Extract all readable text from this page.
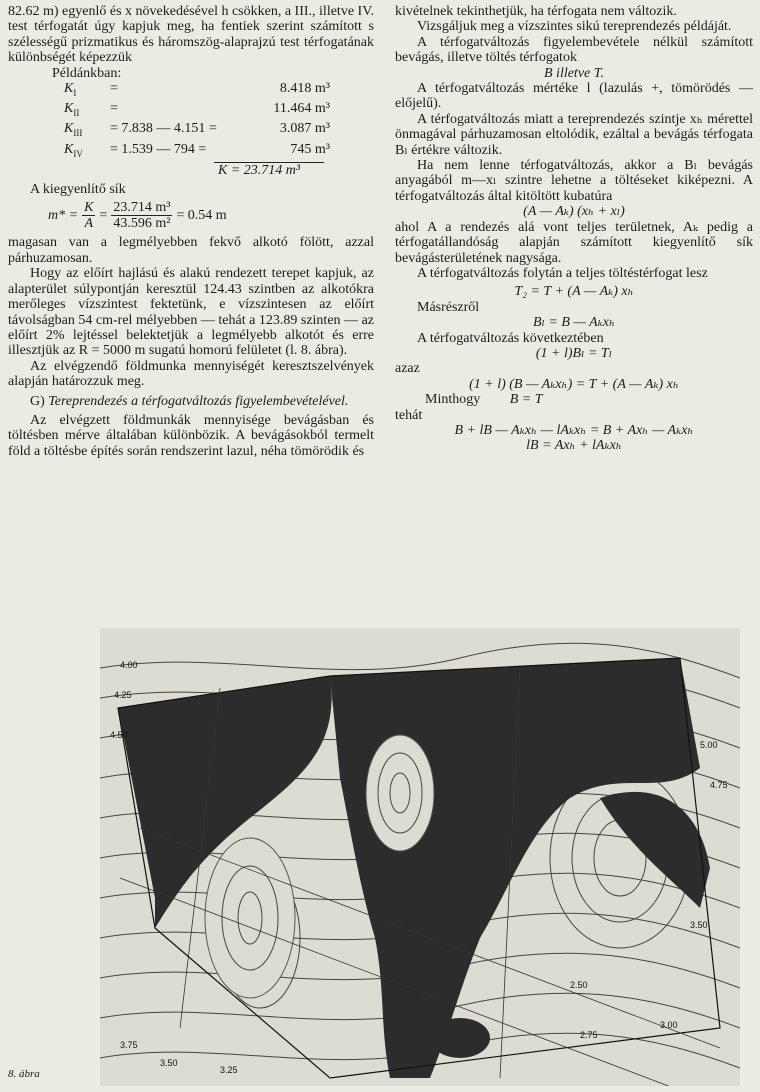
82.62 m) egyenlő és x növekedésével h csökken, a III., illetve IV. test térfogatát úgy kapjuk meg, ha fentiek szerint számított s szélességű prizmatikus és háromszög-alaprajzú test térfogatának különbségét képezzük

Példánkban:

$K_I$	=	8.418 m³
$K_{II}$	=	11.464 m³
$K_{III}$	= 7.838 — 4.151 =	3.087 m³
$K_{IV}$	= 1.539 — 794 =	745 m³

K = 23.714 m³

A kiegyenlítő sík

$m* = \frac{K}{A} = \frac{\text{23.714 m³}}{\text{43.596 m²}} = 0.54$ m

magasan van a legmélyebben fekvő alkotó fölött, azzal párhuzamosan.

Hogy az előírt hajlású és alakú rendezett terepet kapjuk, az alapterület súlypontján keresztül 124.43 szintben az alkotókra merőleges vízszintest fektetünk, e vízszintesen az előírt távolságban 54 cm-rel mélyebben — tehát a 123.89 szinten — az előírt 2% lejtéssel belektetjük a legmélyebb alkotót és erre illesztjük az R = 5000 m sugatú homorú felületet (l. 8. ábra).

Az elvégzendő földmunka mennyiségét keresztszelvények alapján határozzuk meg.

G) Tereprendezés a térfogatváltozás figyelembevételével.

Az elvégzett földmunkák mennyisége bevágásban és töltésben mérve általában különbözik. A bevágásokból termelt föld a töltésbe építés során rendszerint lazul, néha tömörödik és

kivételnek tekinthetjük, ha térfogata nem változik.

Vizsgáljuk meg a vízszintes sikú tereprendezés példáját.

A térfogatváltozás figyelembevétele nélkül számított bevágás, illetve töltés térfogatok

B illetve T.

A térfogatváltozás mértéke l (lazulás +, tömörödés — előjelű).

A térfogatváltozás miatt a tereprendezés szintje xₕ mérettel önmagával párhuzamosan eltolódik, ezáltal a bevágás térfogata Bₗ értékre változik.

Ha nem lenne térfogatváltozás, akkor a Bₗ bevágás anyagából m—xₗ szintre lehetne a töltéseket kiképezni. A térfogatváltozás által kitöltött kubatúra

(A — Aₖ) (xₕ + xₗ)

ahol A a rendezés alá vont teljes területnek, Aₖ pedig a térfogatállandóság alapján számított kiegyenlítő sík bevágásterületének nagysága.

A térfogatváltozás folytán a teljes töltéstérfogat lesz

T₂ = T + (A — Aₖ) xₕ

Másrészről

Bₗ = B — Aₖxₕ

A térfogatváltozás következtében

(1 + l)Bₗ = Tₗ

azaz

(1 + l) (B — Aₖxₕ) = T + (A — Aₖ) xₕ

Minthogy B = T

tehát

B + lB — Aₖxₕ — lAₖxₕ = B + Axₕ — Aₖxₕ

lB = Axₕ + lAₖxₕ

4.00
4.25
4.50
3.75
3.50
3.25
2.50
2.75
3.00
5.00
4.75
3.50
8. ábra
